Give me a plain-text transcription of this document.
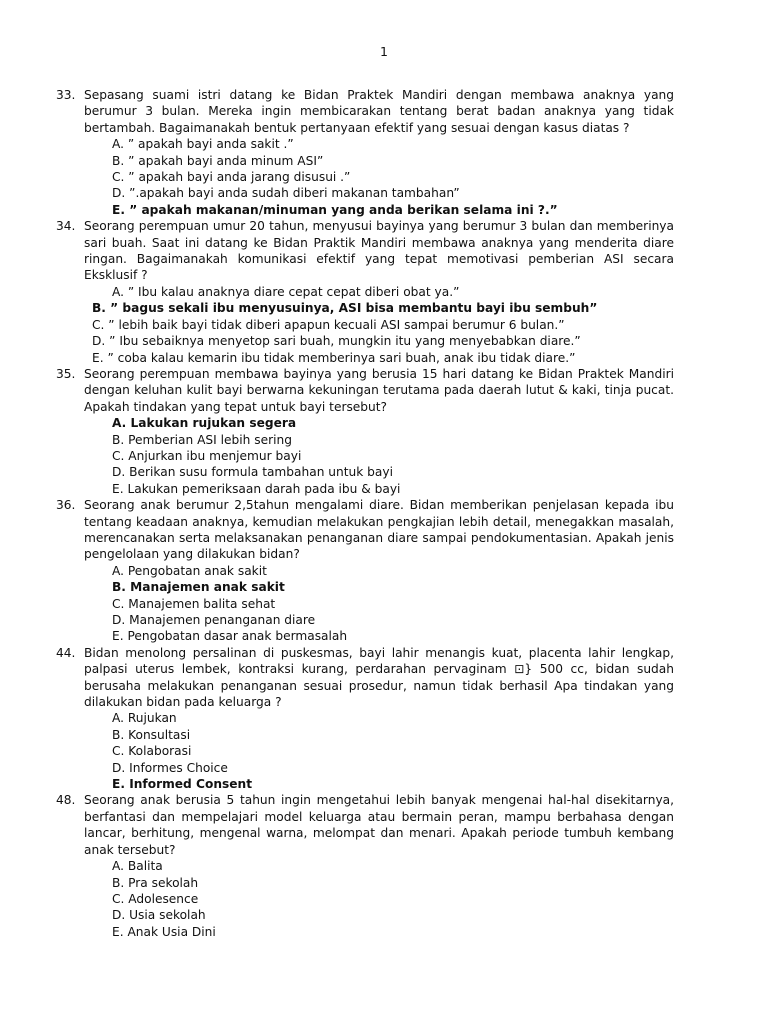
1
33. Sepasang suami istri datang ke Bidan Praktek Mandiri dengan membawa anaknya yang berumur 3 bulan. Mereka ingin membicarakan tentang berat badan anaknya yang tidak bertambah. Bagaimanakah bentuk pertanyaan efektif yang sesuai dengan kasus diatas ?
A. ” apakah bayi anda sakit .”
B. ” apakah bayi anda minum ASI”
C. ” apakah bayi anda jarang disusui .”
D. ”.apakah bayi anda sudah diberi makanan tambahan”
E. ” apakah makanan/minuman yang anda berikan selama ini ?.”
34. Seorang perempuan umur 20 tahun, menyusui bayinya yang berumur 3 bulan dan memberinya sari buah. Saat ini datang ke Bidan Praktik Mandiri membawa anaknya yang menderita diare ringan. Bagaimanakah komunikasi efektif yang tepat memotivasi pemberian ASI secara Eksklusif ?
A. ” Ibu kalau anaknya diare cepat cepat diberi obat ya.”
B. ” bagus sekali ibu menyusuinya, ASI bisa membantu bayi ibu sembuh”
C. ” lebih baik bayi tidak diberi apapun kecuali ASI sampai berumur 6 bulan.”
D. ” Ibu sebaiknya menyetop sari buah, mungkin itu yang menyebabkan diare.”
E. ” coba kalau kemarin ibu tidak memberinya sari buah, anak ibu tidak diare.”
35. Seorang perempuan membawa bayinya yang berusia 15 hari datang ke Bidan Praktek Mandiri dengan keluhan kulit bayi berwarna kekuningan terutama pada daerah lutut & kaki, tinja pucat. Apakah tindakan yang tepat untuk bayi tersebut?
A. Lakukan rujukan segera
B. Pemberian ASI lebih sering
C. Anjurkan ibu menjemur bayi
D. Berikan susu formula tambahan untuk bayi
E. Lakukan pemeriksaan darah pada ibu & bayi
36. Seorang anak berumur 2,5tahun mengalami diare. Bidan memberikan penjelasan kepada ibu tentang keadaan anaknya, kemudian melakukan pengkajian lebih detail, menegakkan masalah, merencanakan serta melaksanakan penanganan diare sampai pendokumentasian. Apakah jenis pengelolaan yang dilakukan bidan?
A. Pengobatan anak sakit
B. Manajemen anak sakit
C. Manajemen balita sehat
D. Manajemen penanganan diare
E. Pengobatan dasar anak bermasalah
44. Bidan menolong persalinan di puskesmas, bayi lahir menangis kuat, placenta lahir lengkap, palpasi uterus lembek, kontraksi kurang, perdarahan pervaginam ⊡} 500 cc, bidan sudah berusaha melakukan penanganan sesuai prosedur, namun tidak berhasil Apa tindakan yang dilakukan bidan pada keluarga ?
A. Rujukan
B. Konsultasi
C. Kolaborasi
D. Informes Choice
E. Informed Consent
48. Seorang anak berusia 5 tahun ingin mengetahui lebih banyak mengenai hal-hal disekitarnya, berfantasi dan mempelajari model keluarga atau bermain peran, mampu berbahasa dengan lancar, berhitung, mengenal warna, melompat dan menari. Apakah periode tumbuh kembang anak tersebut?
A. Balita
B. Pra sekolah
C. Adolesence
D. Usia sekolah
E. Anak Usia Dini
